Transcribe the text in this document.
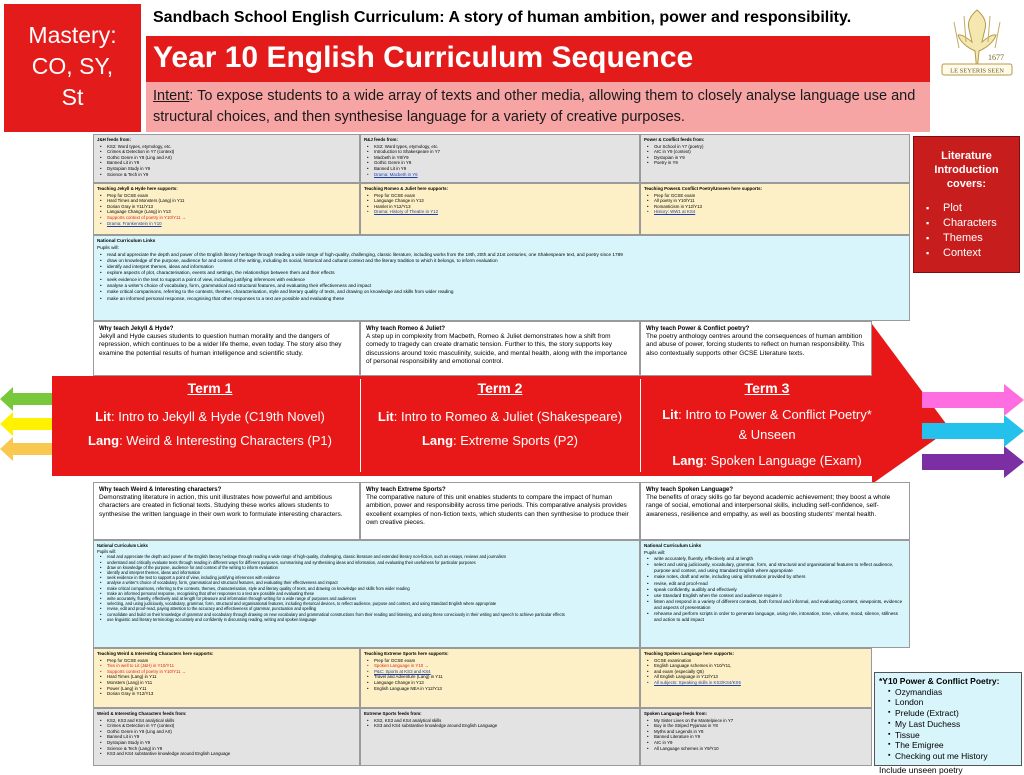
Mastery:
CO, SY,
St
Sandbach School English Curriculum: A story of human ambition, power and responsibility.
Year 10 English Curriculum Sequence
Intent: To expose students to a wide array of texts and other media, allowing them to closely analyse language use and structural choices, and then synthesise language for a variety of creative purposes.
1677
LE SEYERIS SEEN
J&H feeds from:
• KS2: Word types, etymology, etc.
• Crimes & Detection in Y7 (context)
• Gothic Genre in Y8 (Ling and Art)
• Banned Lit in Y9
• Dystopian Study in Y9
• Science & Tech in Y9
R&J feeds from:
• KS2: Word types, etymology, etc.
• Introduction to Shakespeare in Y7
• Macbeth in Y8/Y9
• Gothic Genre in Y8
• Banned Lit in Y9
• Drama: Macbeth in Y6
Power & Conflict feeds from:
• Our School in Y7 (poetry)
• AIC in Y9 (context)
• Dystopian in Y9
• Poetry in Y9
Teaching Jekyll & Hyde here supports:
• Prep for GCSE exam
• Hard Times and Monsters (Lang) in Y11
• Dorian Gray in Y11/Y13
• Language Change (Lang) in Y13
• Supports context of poetry in Y10/Y11 →
• Drama: Frankenstein in Y10
Teaching Romeo & Juliet here supports:
• Prep for GCSE exam
• Language Change in Y13
• Hamlet in Y12/Y13
• Drama: History of Theatre in Y12
Teaching Power& Conflict Poetry/Unseen here supports:
• Prep for GCSE exam
• All poetry in Y10/Y11
• Romanticism in Y12/Y13
• History: WW1 at KS4
National Curriculum Links
Pupils will:
• read and appreciate the depth and power of the English literary heritage through reading a wide range of high-quality, challenging, classic literature, including works from the 19th, 20th and 21st centuries, one Shakespeare text, and poetry since 1789
• draw on knowledge of the purpose, audience for and context of the writing, including its social, historical and cultural context and the literary tradition to which it belongs, to inform evaluation
• identify and interpret themes, ideas and information
• explore aspects of plot, characterisation, events and settings, the relationships between them and their effects
• seek evidence in the text to support a point of view, including justifying inferences with evidence
• analyse a writer's choice of vocabulary, form, grammatical and structural features, and evaluating their effectiveness and impact
• make critical comparisons, referring to the contexts, themes, characterisation, style and literary quality of texts, and drawing on knowledge and skills from wider reading
• make an informed personal response, recognising that other responses to a text are possible and evaluating these
Term 1
Lit: Intro to Jekyll & Hyde (C19th Novel)
Lang: Weird & Interesting Characters (P1)
Term 2
Lit: Intro to Romeo & Juliet (Shakespeare)
Lang: Extreme Sports (P2)
Term 3
Lit: Intro to Power & Conflict Poetry* & Unseen
Lang: Spoken Language (Exam)
Why teach Jekyll & Hyde?
Jekyll and Hyde causes students to question human morality and the dangers of repression, which continues to be a wider life theme, even today. The story also they examine the potential results of human intelligence and scientific study.
Why teach Romeo & Juliet?
A step up in complexity from Macbeth, Romeo & Juliet demonstrates how a shift from comedy to tragedy can create dramatic tension. Further to this, the story supports key discussions around toxic masculinity, suicide, and mental health, along with the importance of personal responsibility and emotional control.
Why teach Power & Conflict poetry?
The poetry anthology centres around the consequences of human ambition and abuse of power, forcing students to reflect on human responsibility. This also contextually supports other GCSE Literature texts.
Why teach Weird & Interesting characters?
Demonstrating literature in action, this unit illustrates how powerful and ambitious characters are created in fictional texts. Studying these works allows students to synthesise the written language in their own work to formulate interesting characters.
Why teach Extreme Sports?
The comparative nature of this unit enables students to compare the impact of human ambition, power and responsibility across time periods. This comparative analysis provides excellent examples of non-fiction texts, which students can then synthesise to produce their own creative pieces.
Why teach Spoken Language?
The benefits of oracy skills go far beyond academic achievement; they boost a whole range of social, emotional and interpersonal skills, including self-confidence, self-awareness, resilience and empathy, as well as boosting students' mental health.
National Curriculum Links
Pupils will:
• read and appreciate the depth and power of the English literary heritage through reading a wide range of high-quality, challenging, classic literature and extended literary non-fiction, such as essays, reviews and journalism
• understand and critically evaluate texts through reading in different ways for different purposes, summarising and synthesising ideas and information, and evaluating their usefulness for particular purposes
• draw on knowledge of the purpose, audience for and context of the writing to inform evaluation
• identify and interpret themes, ideas and information
• seek evidence in the text to support a point of view, including justifying inferences with evidence
• analyse a writer's choice of vocabulary, form, grammatical and structural features, and evaluating their effectiveness and impact
• make critical comparisons, referring to the contexts, themes, characterisation, style and literary quality of texts, and drawing on knowledge and skills from wider reading
• make an informed personal response, recognising that other responses to a text are possible and evaluating these
• write accurately, fluently, effectively and at length for pleasure and information through writing for a wide range of purposes and audiences
• selecting, and using judiciously, vocabulary, grammar, form, structural and organisational features, including rhetorical devices, to reflect audience, purpose and context, and using Standard English where appropriate
• revise, edit and proof-read, paying attention to the accuracy and effectiveness of grammar, punctuation and spelling
• consolidate and build on their knowledge of grammar and vocabulary through drawing on new vocabulary and grammatical constructions from their reading and listening, and using these consciously in their writing and speech to achieve particular effects
• use linguistic and literary terminology accurately and confidently in discussing reading, writing and spoken language
National Curriculum Links
Pupils will:
• write accurately, fluently, effectively and at length
• select and using judiciously, vocabulary, grammar, form, and structural and organisational features to reflect audience, purpose and context, and using Standard English where appropriate
• make notes, draft and write, including using information provided by others
• revise, edit and proof-read
• speak confidently, audibly and effectively
• use Standard English when the context and audience require it
• listen and respond in a variety of different contexts, both formal and informal, and evaluating content, viewpoints, evidence and aspects of presentation
• rehearse and perform scripts in order to generate language, using role, intonation, tone, volume, mood, silence, stillness and action to add impact
Teaching Weird & Interesting Characters here supports:
• Prep for GCSE exam
• Ties in well to Lit (J&H) in Y10/Y11
• Supports context of poetry in Y10/Y11 →
• Hard Times (Lang) in Y11
• Monsters (Lang) in Y11
• Power (Lang) in Y11
• Dorian Gray in Y12/Y13
Teaching Extreme Sports here supports:
• Prep for GCSE exam
• Spoken Language in Y10 →
• P&C: Sports at KS3 and KS4
• Travel and Adventure (Lang) in Y11
• Language Change in Y13
• English Language NEA in Y12/Y13
Teaching Spoken Language here supports:
• GCSE examination
• English Language schemes in Y10/Y11,
• and exam (especially Q5)
• All English Language in Y12/Y13
• All subjects: Speaking skills in KS3/KS4/KS5
Weird & Interesting Characters feeds from:
• KS2, KS3 and KS4 analytical skills
• Crimes & Detection in Y7 (context)
• Gothic Genre in Y8 (Ling and Art)
• Banned Lit in Y9
• Dystopian Study in Y9
• Science & Tech (Lang) in Y9
• KS3 and KS4 substantive knowledge around English Language
Extreme Sports feeds from:
• KS2, KS3 and KS4 analytical skills
• KS3 and KS4 substantive knowledge around English Language
Spoken Language feeds from:
• My Sister Lives on the Mantelpiece in Y7
• Boy in the Striped Pyjamas in Y8
• Myths and Legends in Y8
• Banned Literature in Y9
• AIC in Y9
• All Language schemes in Y9/Y10
Literature Introduction covers:
▪ Plot
▪ Characters
▪ Themes
▪ Context
*Y10 Power & Conflict Poetry:
▪ Ozymandias
▪ London
▪ Prelude (Extract)
▪ My Last Duchess
▪ Tissue
▪ The Emigree
▪ Checking out me History
Include unseen poetry
